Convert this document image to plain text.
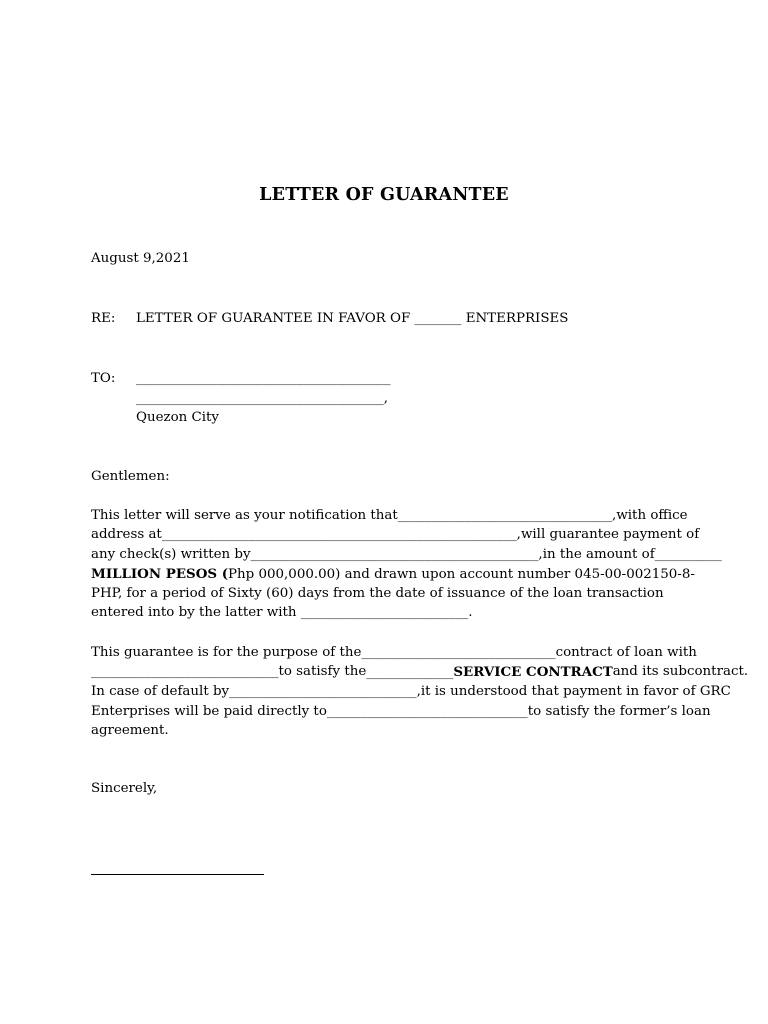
LETTER OF GUARANTEE
August 9,2021
RE: LETTER OF GUARANTEE IN FAVOR OF _______ ENTERPRISES
TO: ______________________________________
_____________________________________,
Quezon City
Gentlemen:
This letter will serve as your notification that ________________________________, with office
address at _____________________________________________________, will guarantee payment of
any check(s) written by ___________________________________________, in the amount of __________
MILLION PESOS (Php 000,000.00) and drawn upon account number 045-00-002150-8-
PHP, for a period of Sixty (60) days from the date of issuance of the loan transaction
entered into by the latter with _________________________.
This guarantee is for the purpose of the _____________________________ contract of loan with
____________________________ to satisfy the _____________SERVICE CONTRACT and its subcontract.
In case of default by ____________________________, it is understood that payment in favor of GRC
Enterprises will be paid directly to ______________________________ to satisfy the former’s loan
agreement.
Sincerely,
